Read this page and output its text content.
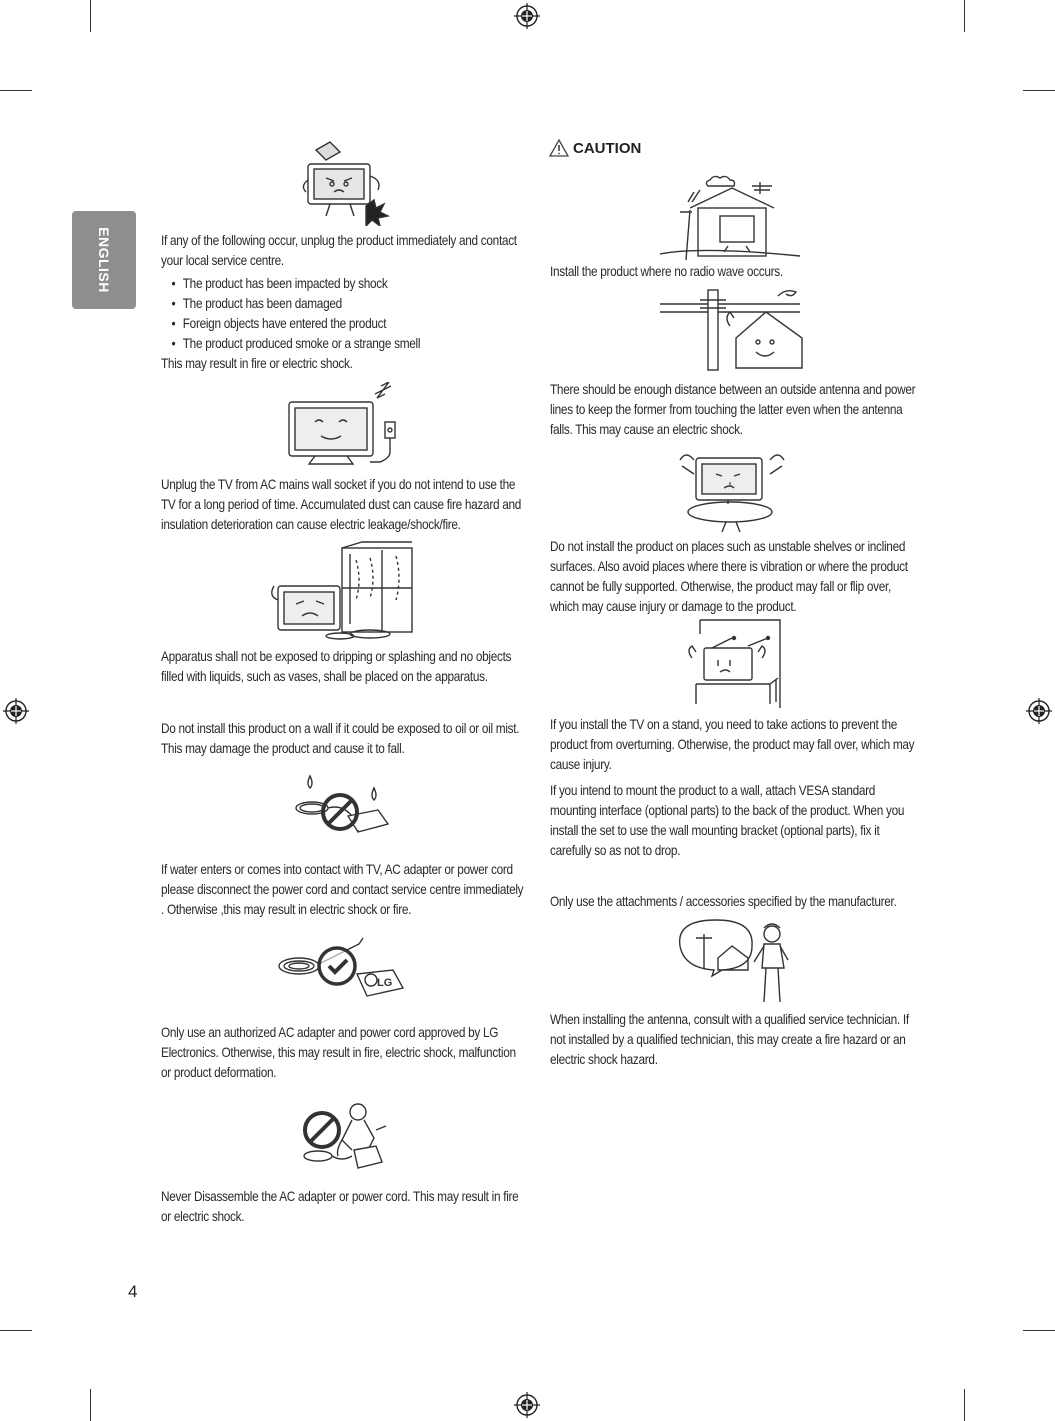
ENGLISH	If any of the following occur, unplug the product immediately and contact your local service centre.

• The product has been impacted by shock
• The product has been damaged
• Foreign objects have entered the product
• The product produced smoke or a strange smell

This may result in fire or electric shock.

Unplug the TV from AC mains wall socket if you do not intend to use the TV for a long period of time. Accumulated dust can cause fire hazard and insulation deterioration can cause electric leakage/shock/fire.
Apparatus shall not be exposed to dripping or splashing and no objects filled with liquids, such as vases, shall be placed on the apparatus.
Do not install this product on a wall if it could be exposed to oil or oil mist. This may damage the product and cause it to fall.
If water enters or comes into contact with TV, AC adapter or power cord please disconnect the power cord and contact service centre immediately . Otherwise ,this may result in electric shock or fire.
LG
Only use an authorized AC adapter and power cord approved by LG Electronics. Otherwise, this may result in fire, electric shock, malfunction or product deformation.
Never Disassemble the AC adapter or power cord. This may result in fire or electric shock.
4
CAUTION
Install the product where no radio wave occurs.
There should be enough distance between an outside antenna and power lines to keep the former from touching the latter even when the antenna falls. This may cause an electric shock.
Do not install the product on places such as unstable shelves or inclined surfaces. Also avoid places where there is vibration or where the product cannot be fully supported. Otherwise, the product may fall or flip over, which may cause injury or damage to the product.
If you install the TV on a stand, you need to take actions to prevent the product from overturning. Otherwise, the product may fall over, which may cause injury.
If you intend to mount the product to a wall, attach VESA standard mounting interface (optional parts) to the back of the product. When you install the set to use the wall mounting bracket (optional parts), fix it carefully so as not to drop.
Only use the attachments / accessories specified by the manufacturer.
When installing the antenna, consult with a qualified service technician. If not installed by a qualified technician, this may create a fire hazard or an electric shock hazard.
